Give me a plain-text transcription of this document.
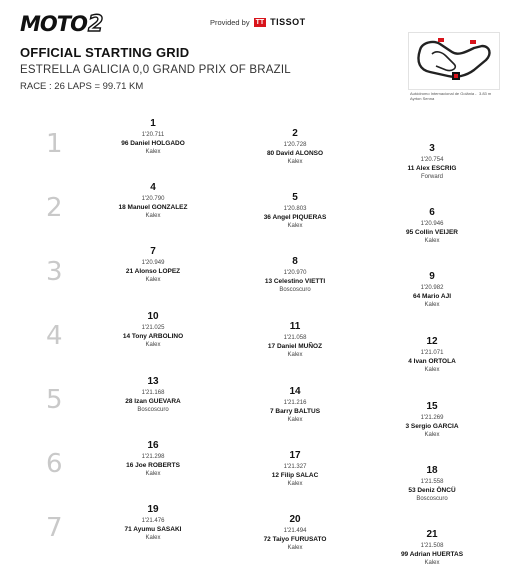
MOTO2	Provided by TT TISSOT
OFFICIAL STARTING GRID
ESTRELLA GALICIA 0,0 GRAND PRIX OF BRAZIL
RACE : 26 LAPS = 99.71 KM
Autódromo Internacional de Goiânia - Ayrton Senna
3.83 m
1
2
3
4
5
6
7
1
1'20.711
96 Daniel HOLGADO
Kalex
2
1'20.728
80 David ALONSO
Kalex
3
1'20.754
11 Alex ESCRIG
Forward
4
1'20.790
18 Manuel GONZALEZ
Kalex
5
1'20.803
36 Angel PIQUERAS
Kalex
6
1'20.946
95 Collin VEIJER
Kalex
7
1'20.949
21 Alonso LOPEZ
Kalex
8
1'20.970
13 Celestino VIETTI
Boscoscuro
9
1'20.982
64 Mario AJI
Kalex
10
1'21.025
14 Tony ARBOLINO
Kalex
11
1'21.058
17 Daniel MUÑOZ
Kalex
12
1'21.071
4 Ivan ORTOLA
Kalex
13
1'21.168
28 Izan GUEVARA
Boscoscuro
14
1'21.216
7 Barry BALTUS
Kalex
15
1'21.269
3 Sergio GARCIA
Kalex
16
1'21.298
16 Joe ROBERTS
Kalex
17
1'21.327
12 Filip SALAC
Kalex
18
1'21.558
53 Deniz ÖNCÜ
Boscoscuro
19
1'21.476
71 Ayumu SASAKI
Kalex
20
1'21.494
72 Taiyo FURUSATO
Kalex
21
1'21.508
99 Adrian HUERTAS
Kalex
